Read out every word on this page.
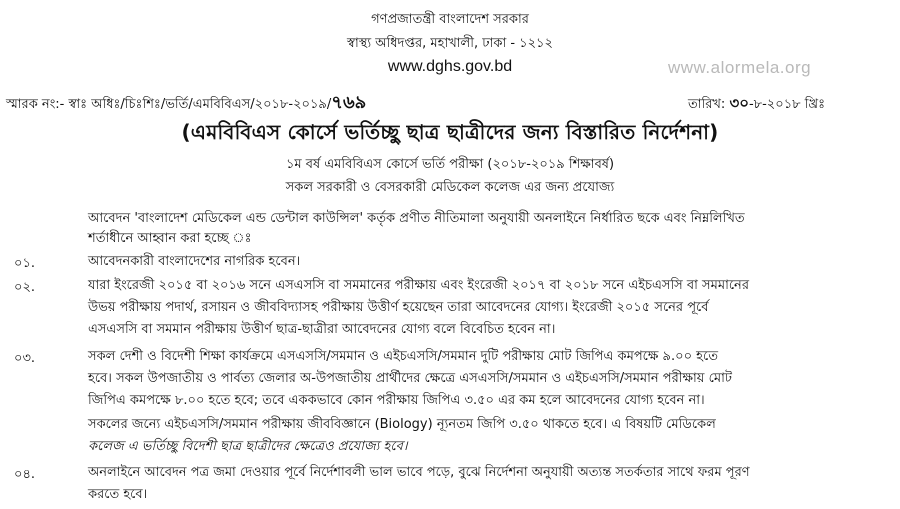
গণপ্রজাতন্ত্রী বাংলাদেশ সরকার
স্বাস্থ্য অধিদপ্তর, মহাখালী, ঢাকা - ১২১২
www.dghs.gov.bd	www.alormela.org
স্মারক নং:- স্বাঃ অধিঃ/চিঃশিঃ/ভর্তি/এমবিবিএস/২০১৮-২০১৯/৭৬৯	তারিখ: ৩০-৮-২০১৮ খ্রিঃ
(এমবিবিএস কোর্সে ভর্তিচ্ছু ছাত্র ছাত্রীদের জন্য বিস্তারিত নির্দেশনা)
১ম বর্ষ এমবিবিএস কোর্সে ভর্তি পরীক্ষা (২০১৮-২০১৯ শিক্ষাবর্ষ)
সকল সরকারী ও বেসরকারী মেডিকেল কলেজ এর জন্য প্রযোজ্য
আবেদন 'বাংলাদেশ মেডিকেল এন্ড ডেন্টাল কাউন্সিল' কর্তৃক প্রণীত নীতিমালা অনুযায়ী অনলাইনে নির্ধারিত ছকে এবং নিম্নলিখিত
শর্তাধীনে আহ্বান করা হচ্ছে ঃ
০১.	আবেদনকারী বাংলাদেশের নাগরিক হবেন।
০২.	যারা ইংরেজী ২০১৫ বা ২০১৬ সনে এসএসসি বা সমমানের পরীক্ষায় এবং ইংরেজী ২০১৭ বা ২০১৮ সনে এইচএসসি বা সমমানের
উভয় পরীক্ষায় পদার্থ, রসায়ন ও জীববিদ্যাসহ পরীক্ষায় উত্তীর্ণ হয়েছেন তারা আবেদনের যোগ্য। ইংরেজী ২০১৫ সনের পূর্বে
এসএসসি বা সমমান পরীক্ষায় উত্তীর্ণ ছাত্র-ছাত্রীরা আবেদনের যোগ্য বলে বিবেচিত হবেন না।
০৩.	সকল দেশী ও বিদেশী শিক্ষা কার্যক্রমে এসএসসি/সমমান ও এইচএসসি/সমমান দুটি পরীক্ষায় মোট জিপিএ কমপক্ষে ৯.০০ হতে
হবে। সকল উপজাতীয় ও পার্বত্য জেলার অ-উপজাতীয় প্রার্থীদের ক্ষেত্রে এসএসসি/সমমান ও এইচএসসি/সমমান পরীক্ষায় মোট
জিপিএ কমপক্ষে ৮.০০ হতে হবে; তবে এককভাবে কোন পরীক্ষায় জিপিএ ৩.৫০ এর কম হলে আবেদনের যোগ্য হবেন না।
সকলের জন্যে এইচএসসি/সমমান পরীক্ষায় জীববিজ্ঞানে (Biology) ন্যূনতম জিপি ৩.৫০ থাকতে হবে। এ বিষয়টি মেডিকেল
কলেজ এ ভর্তিচ্ছু বিদেশী ছাত্র ছাত্রীদের ক্ষেত্রেও প্রযোজ্য হবে।
০৪.	অনলাইনে আবেদন পত্র জমা দেওয়ার পূর্বে নির্দেশাবলী ভাল ভাবে পড়ে, বুঝে নির্দেশনা অনুযায়ী অত্যন্ত সতর্কতার সাথে ফরম পূরণ
করতে হবে।
